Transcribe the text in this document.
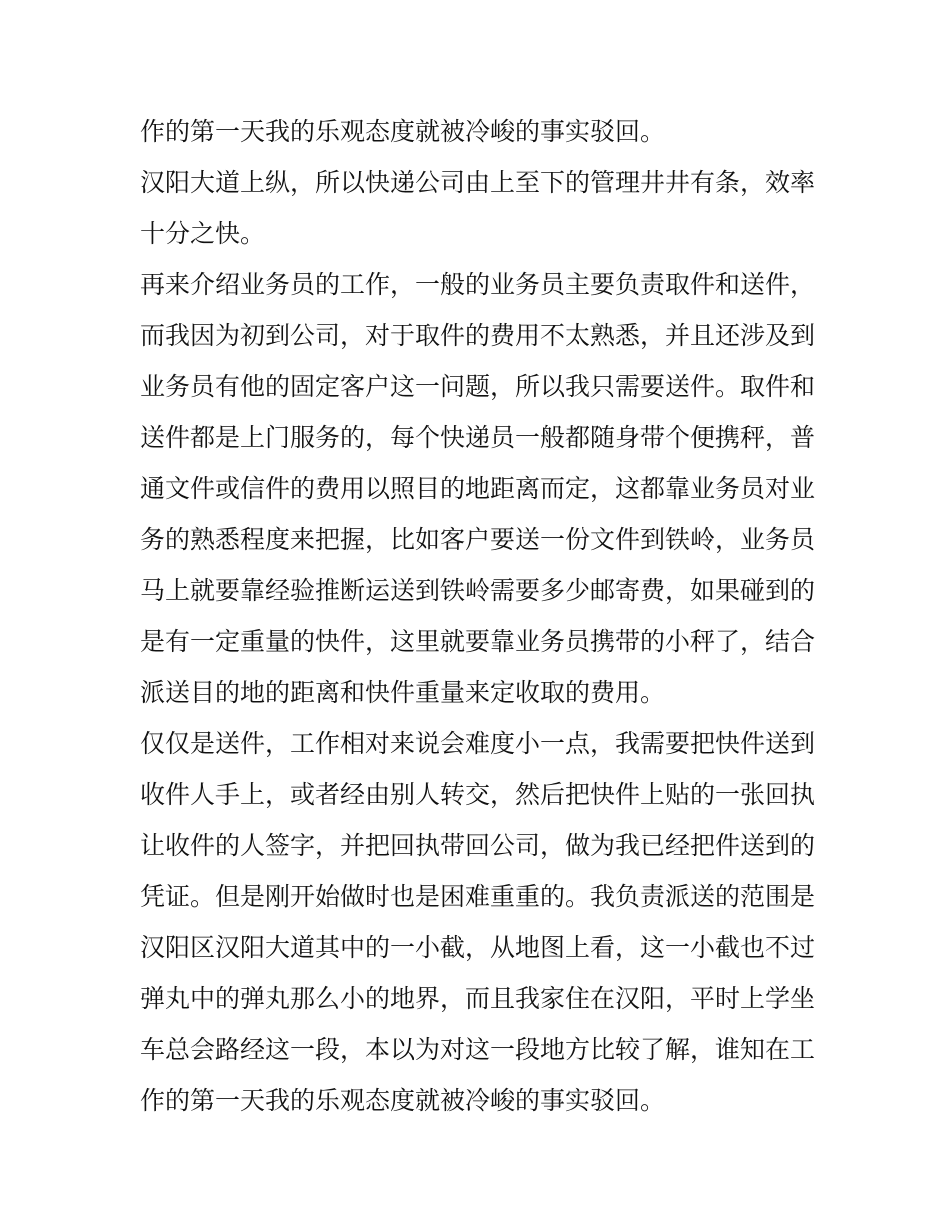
作的第一天我的乐观态度就被冷峻的事实驳回。
汉阳大道上纵，所以快递公司由上至下的管理井井有条，效率
十分之快。
再来介绍业务员的工作，一般的业务员主要负责取件和送件，
而我因为初到公司，对于取件的费用不太熟悉，并且还涉及到
业务员有他的固定客户这一问题，所以我只需要送件。取件和
送件都是上门服务的，每个快递员一般都随身带个便携秤，普
通文件或信件的费用以照目的地距离而定，这都靠业务员对业
务的熟悉程度来把握，比如客户要送一份文件到铁岭，业务员
马上就要靠经验推断运送到铁岭需要多少邮寄费，如果碰到的
是有一定重量的快件，这里就要靠业务员携带的小秤了，结合
派送目的地的距离和快件重量来定收取的费用。
仅仅是送件，工作相对来说会难度小一点，我需要把快件送到
收件人手上，或者经由别人转交，然后把快件上贴的一张回执
让收件的人签字，并把回执带回公司，做为我已经把件送到的
凭证。但是刚开始做时也是困难重重的。我负责派送的范围是
汉阳区汉阳大道其中的一小截，从地图上看，这一小截也不过
弹丸中的弹丸那么小的地界，而且我家住在汉阳，平时上学坐
车总会路经这一段，本以为对这一段地方比较了解，谁知在工
作的第一天我的乐观态度就被冷峻的事实驳回。
